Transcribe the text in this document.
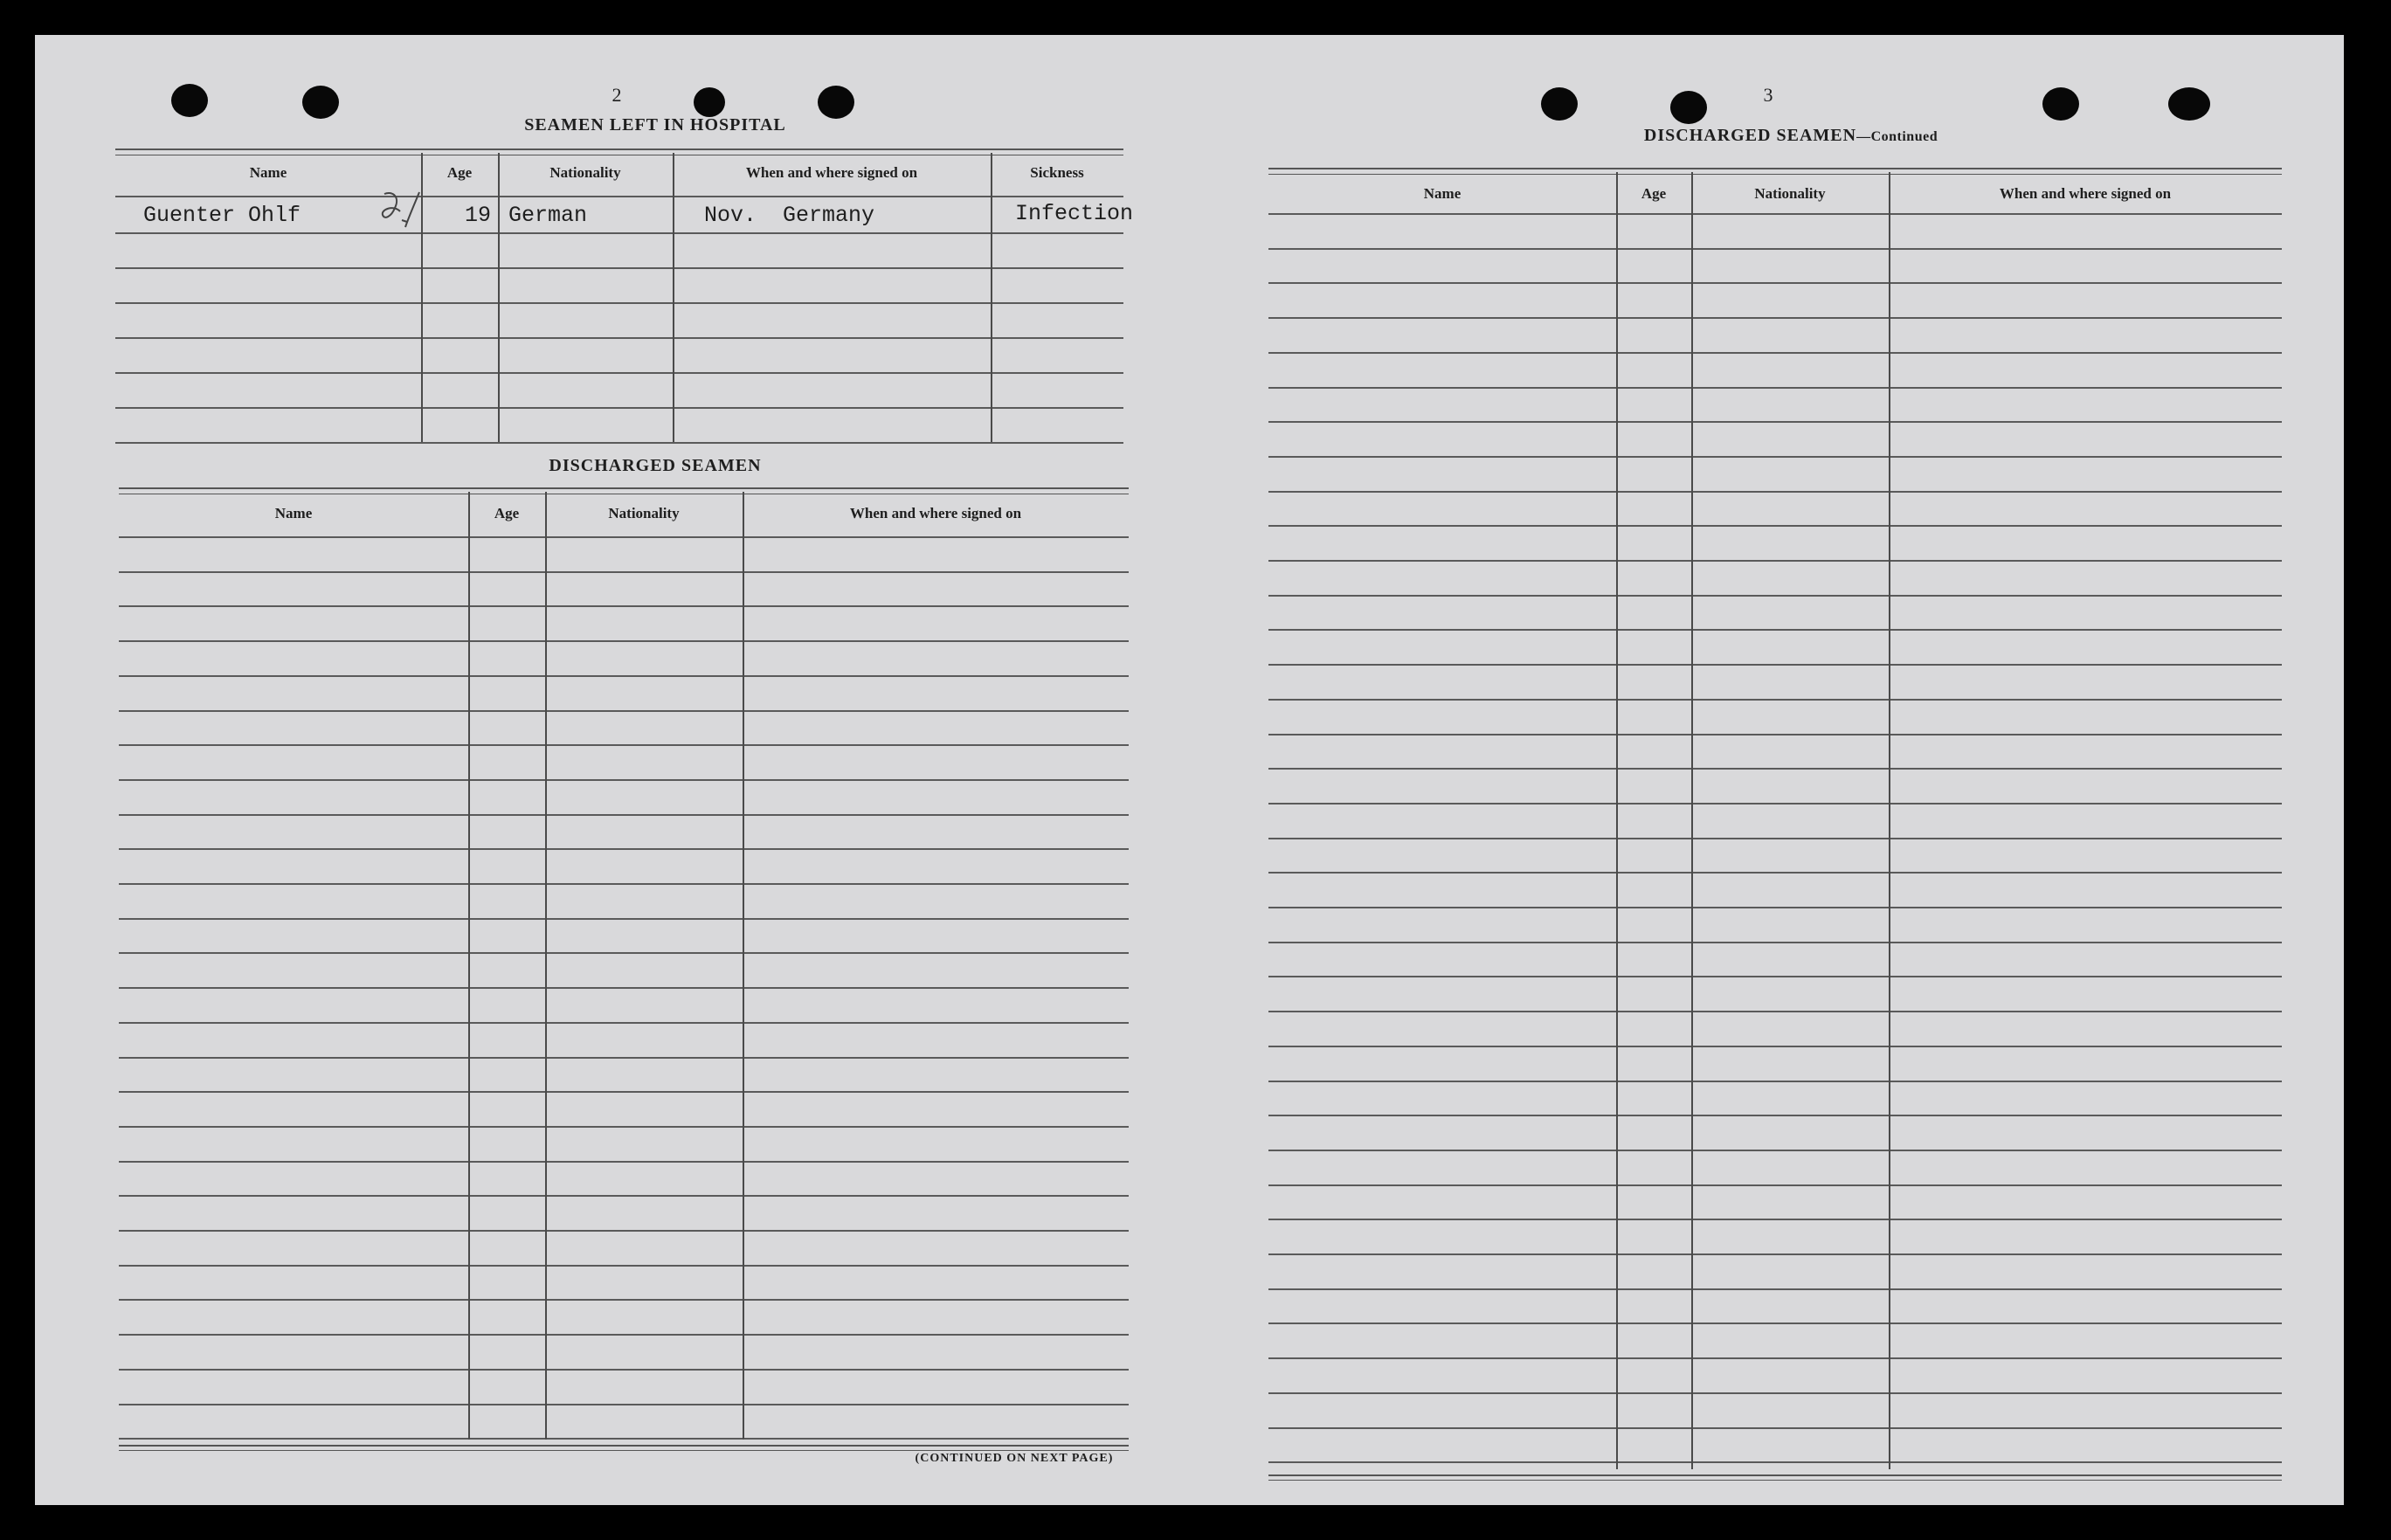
2
SEAMEN LEFT IN HOSPITAL
Name	Age	Nationality	When and where signed on	Sickness
Guenter Ohlf	19 German	Nov.  Germany	Infection
DISCHARGED SEAMEN
Name	Age	Nationality	When and where signed on
(CONTINUED ON NEXT PAGE)
3
DISCHARGED SEAMEN—Continued
Name	Age	Nationality	When and where signed on
